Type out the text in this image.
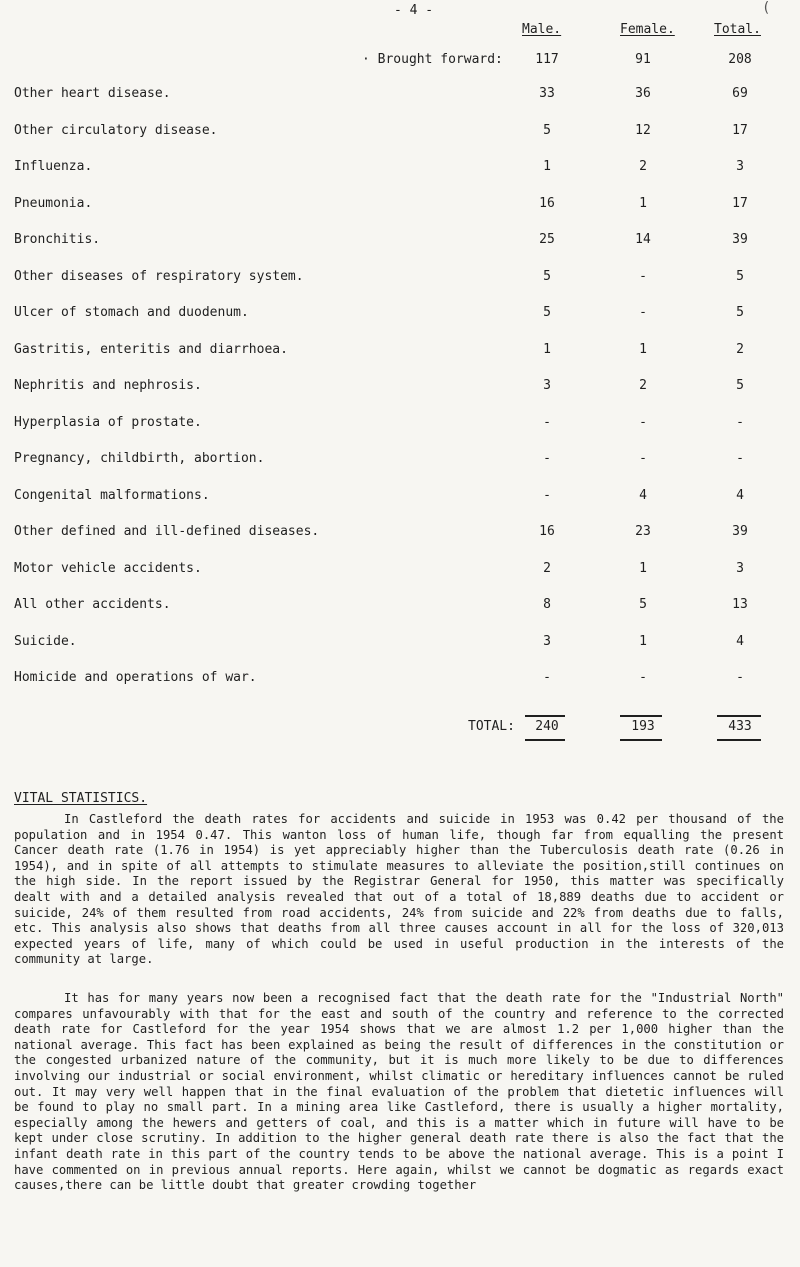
- 4 -	(
Male.	Female.	Total.
· Brought forward:	117	91	208
Other heart disease.	33	36	69
Other circulatory disease.	5	12	17
Influenza.	1	2	3
Pneumonia.	16	1	17
Bronchitis.	25	14	39
Other diseases of respiratory system.	5	-	5
Ulcer of stomach and duodenum.	5	-	5
Gastritis, enteritis and diarrhoea.	1	1	2
Nephritis and nephrosis.	3	2	5
Hyperplasia of prostate.	-	-	-
Pregnancy, childbirth, abortion.	-	-	-
Congenital malformations.	-	4	4
Other defined and ill-defined diseases.	16	23	39
Motor vehicle accidents.	2	1	3
All other accidents.	8	5	13
Suicide.	3	1	4
Homicide and operations of war.	-	-	-
TOTAL:	240	193	433
VITAL STATISTICS.

In Castleford the death rates for accidents and suicide in 1953 was 0.42 per thousand of the population and in 1954 0.47. This wanton loss of human life, though far from equalling the present Cancer death rate (1.76 in 1954) is yet appreciably higher than the Tuberculosis death rate (0.26 in 1954), and in spite of all attempts to stimulate measures to alleviate the position,still continues on the high side. In the report issued by the Registrar General for 1950, this matter was specifically dealt with and a detailed analysis revealed that out of a total of 18,889 deaths due to accident or suicide, 24% of them resulted from road accidents, 24% from suicide and 22% from deaths due to falls, etc. This analysis also shows that deaths from all three causes account in all for the loss of 320,013 expected years of life, many of which could be used in useful production in the interests of the community at large.

It has for many years now been a recognised fact that the death rate for the "Industrial North" compares unfavourably with that for the east and south of the country and reference to the corrected death rate for Castleford for the year 1954 shows that we are almost 1.2 per 1,000 higher than the national average. This fact has been explained as being the result of differences in the constitution or the congested urbanized nature of the community, but it is much more likely to be due to differences involving our industrial or social environment, whilst climatic or hereditary influences cannot be ruled out. It may very well happen that in the final evaluation of the problem that dietetic influences will be found to play no small part. In a mining area like Castleford, there is usually a higher mortality, especially among the hewers and getters of coal, and this is a matter which in future will have to be kept under close scrutiny. In addition to the higher general death rate there is also the fact that the infant death rate in this part of the country tends to be above the national average. This is a point I have commented on in previous annual reports. Here again, whilst we cannot be dogmatic as regards exact causes,there can be little doubt that greater crowding together
